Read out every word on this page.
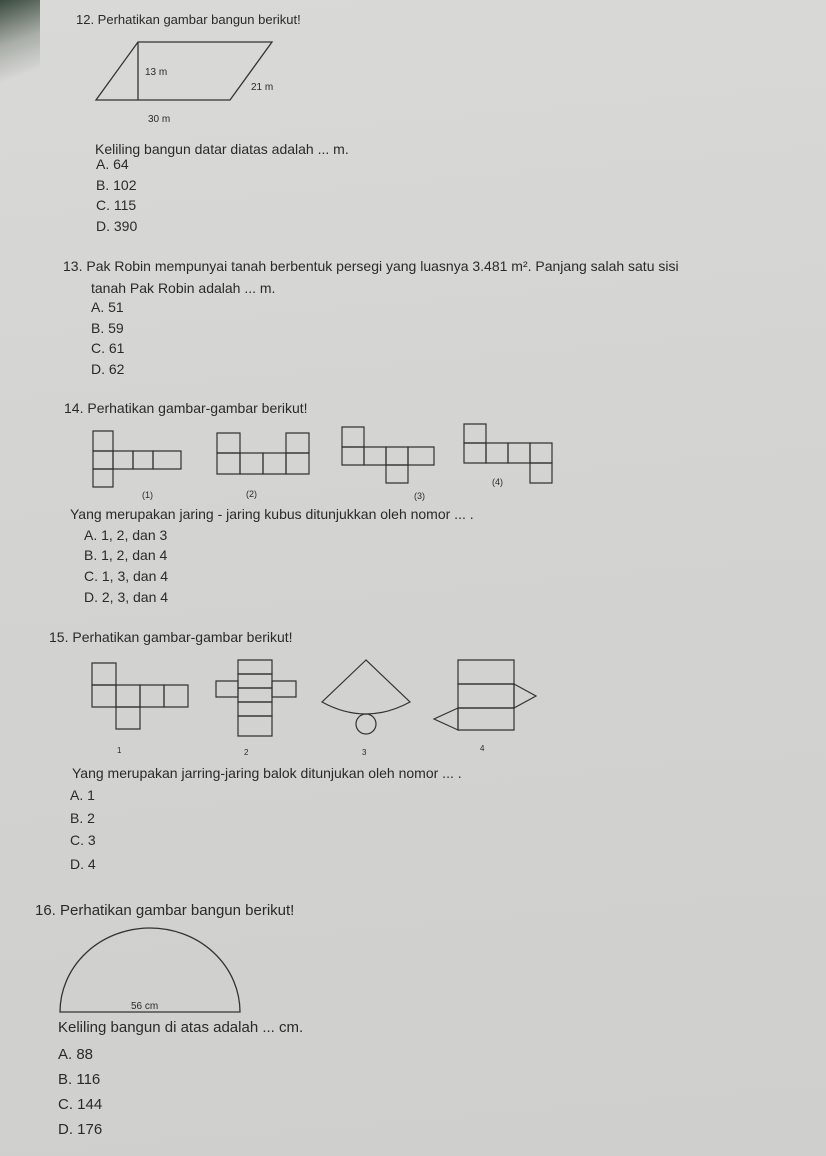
12. Perhatikan gambar bangun berikut!
13 m
21 m
30 m
Keliling bangun datar diatas adalah ... m.
A. 64
B. 102
C. 115
D. 390
13. Pak Robin mempunyai tanah berbentuk persegi yang luasnya 3.481 m². Panjang salah satu sisi
tanah Pak Robin adalah ... m.
A. 51
B. 59
C. 61
D. 62
14. Perhatikan gambar-gambar berikut!
(1)	(2)	(3)
(4)
Yang merupakan jaring - jaring kubus ditunjukkan oleh nomor ... .
A. 1, 2, dan 3
B. 1, 2, dan 4
C. 1, 3, dan 4
D. 2, 3, dan 4
15. Perhatikan gambar-gambar berikut!
1	2	3	4
Yang merupakan jarring-jaring balok ditunjukan oleh nomor ... .
A. 1
B. 2
C. 3
D. 4
16. Perhatikan gambar bangun berikut!
56 cm
Keliling bangun di atas adalah ... cm.
A. 88
B. 116
C. 144
D. 176
